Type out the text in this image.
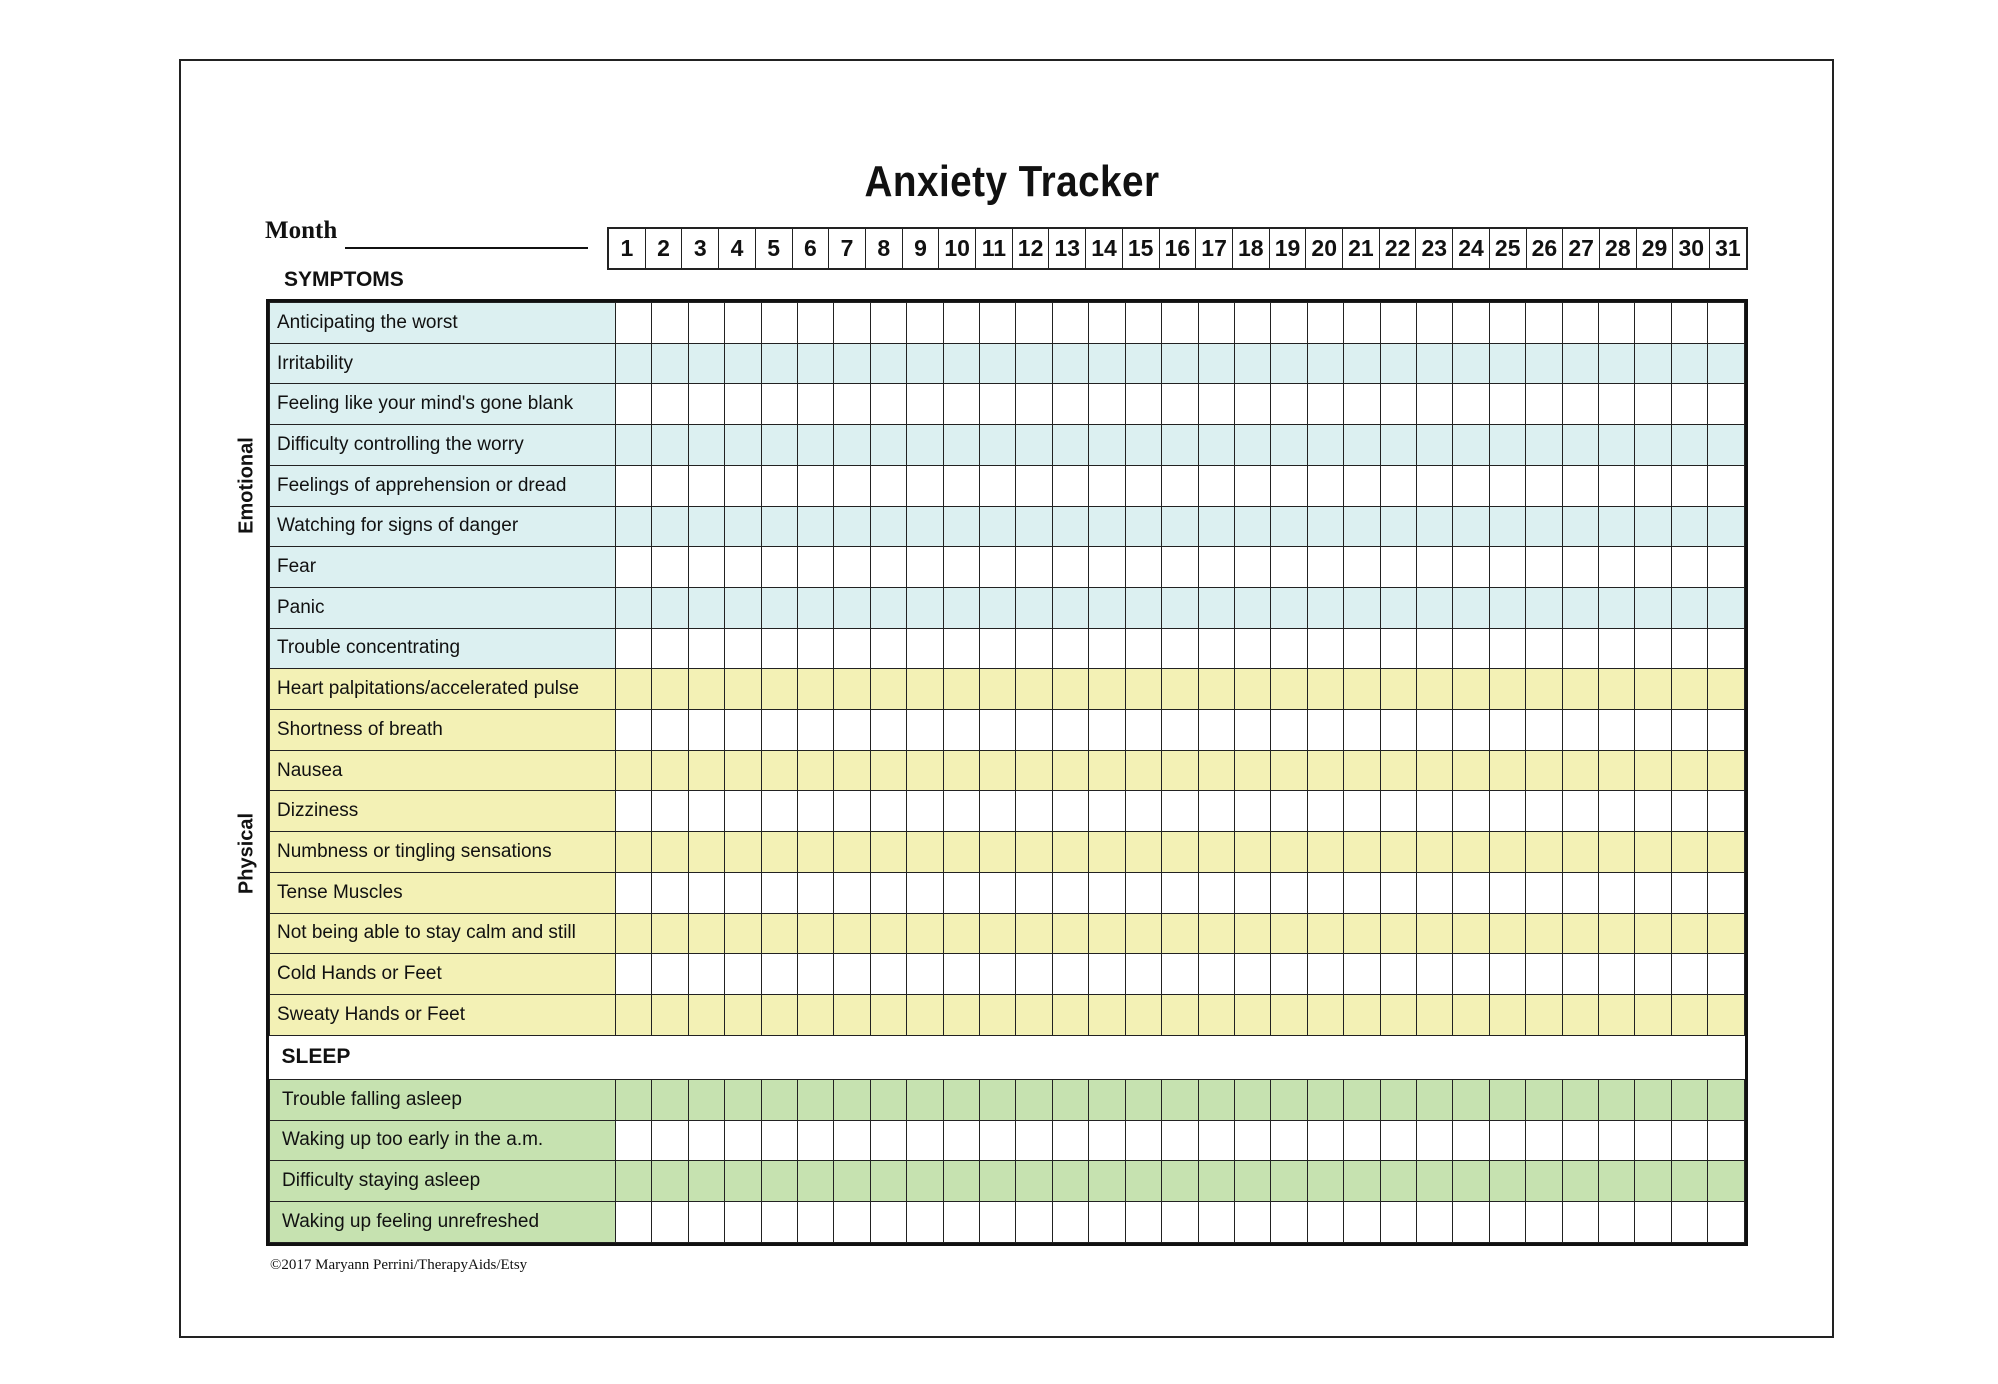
Anxiety Tracker
Month
1	2	3	4	5	6	7	8	9 10 11 12 13 14 15 16 17 18 19 20 21 22 23 24 25 26 27 28 29 30 31
SYMPTOMS
Anticipating the worst																															
Irritability																															
Feeling like your mind's gone blank																															
Difficulty controlling the worry																															
Feelings of apprehension or dread																															
Watching for signs of danger																															
Fear																															
Panic																															
Trouble concentrating																															
Heart palpitations/accelerated pulse																															
Shortness of breath																															
Nausea																															
Dizziness																															
Numbness or tingling sensations																															
Tense Muscles																															
Not being able to stay calm and still																															
Cold Hands or Feet																															
Sweaty Hands or Feet																															
SLEEP																															
Trouble falling asleep																															
Waking up too early in the a.m.																															
Difficulty staying asleep																															
Waking up feeling unrefreshed																															
Emotional
Physical
©2017 Maryann Perrini/TherapyAids/Etsy
